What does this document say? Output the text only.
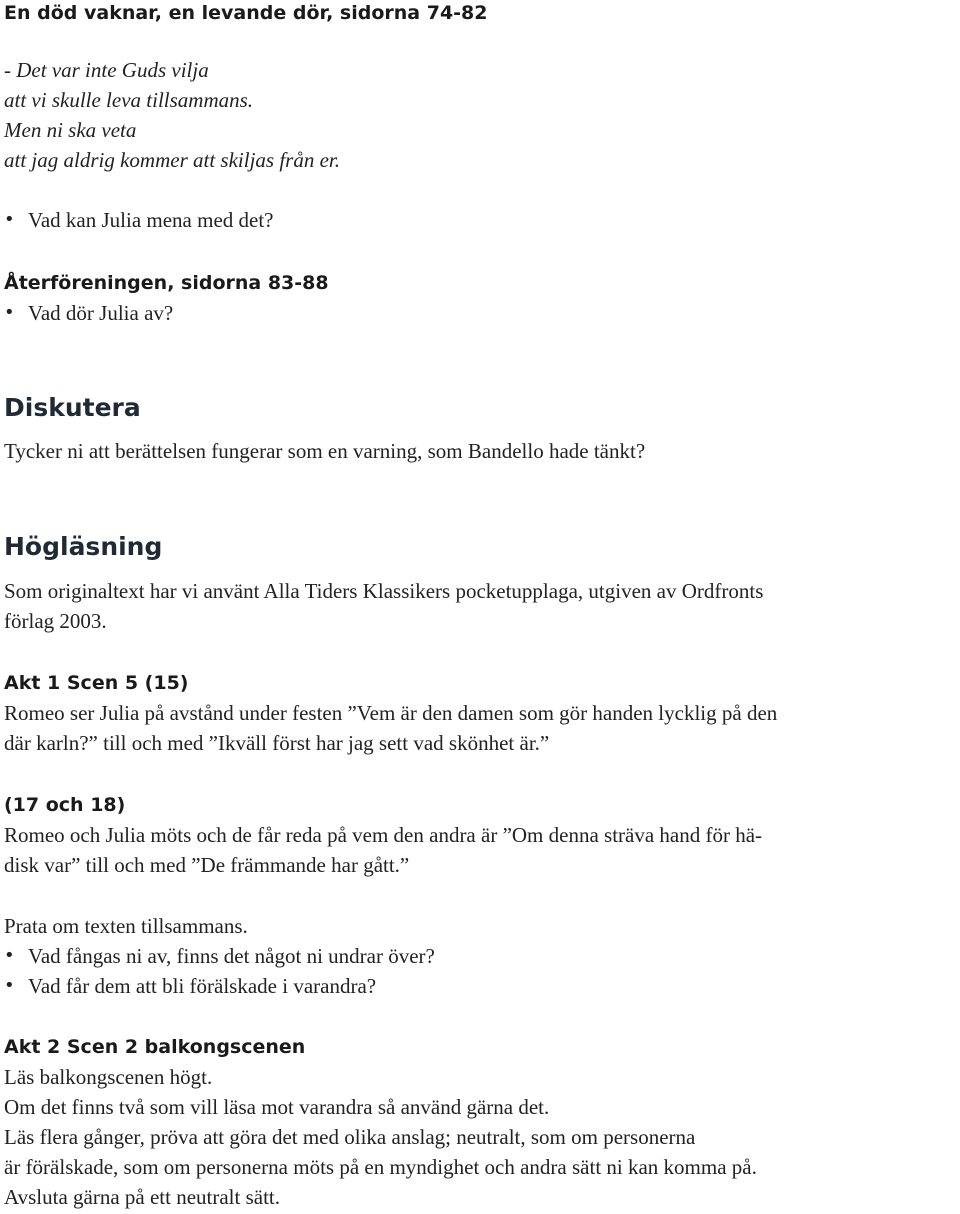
En död vaknar, en levande dör, sidorna 74-82

- Det var inte Guds vilja

att vi skulle leva tillsammans.

Men ni ska veta

att jag aldrig kommer att skiljas från er.

• Vad kan Julia mena med det?
Återföreningen, sidorna 83-88
• Vad dör Julia av?
Diskutera

Tycker ni att berättelsen fungerar som en varning, som Bandello hade tänkt?

Högläsning

Som originaltext har vi använt Alla Tiders Klassikers pocketupplaga, utgiven av Ordfronts

förlag 2003.

Akt 1 Scen 5 (15)

Romeo ser Julia på avstånd under festen ”Vem är den damen som gör handen lycklig på den

där karln?” till och med ”Ikväll först har jag sett vad skönhet är.”

(17 och 18)

Romeo och Julia möts och de får reda på vem den andra är ”Om denna sträva hand för hä-

disk var” till och med ”De främmande har gått.”

Prata om texten tillsammans.

• Vad fångas ni av, finns det något ni undrar över?
• Vad får dem att bli förälskade i varandra?
Akt 2 Scen 2 balkongscenen

Läs balkongscenen högt.

Om det finns två som vill läsa mot varandra så använd gärna det.

Läs flera gånger, pröva att göra det med olika anslag; neutralt, som om personerna

är förälskade, som om personerna möts på en myndighet och andra sätt ni kan komma på.

Avsluta gärna på ett neutralt sätt.
